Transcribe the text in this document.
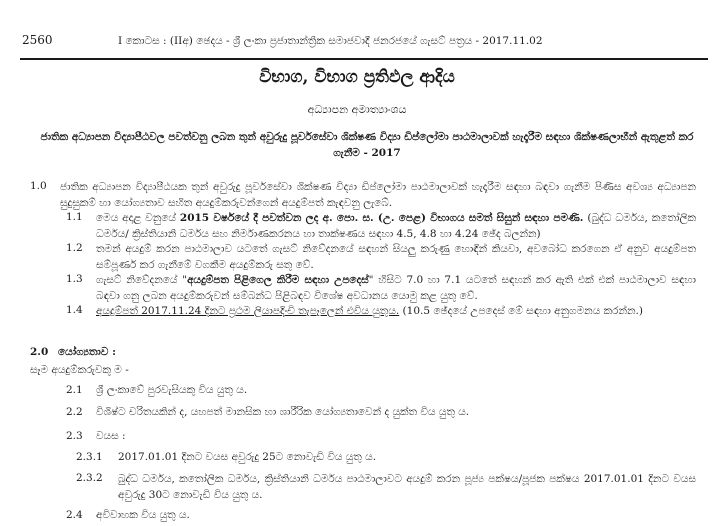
2560	I කොටස : (IIඅ) ඡෙදය - ශ්‍රී ලංකා ප්‍රජාතාන්ත්‍රික සමාජවාදී ජනරජයේ ගැසට් පත්‍රය - 2017.11.02
විභාග, විභාග ප්‍රතිඵල ආදිය
අධ්‍යාපන අමාත්‍යාංශය
ජාතික අධ්‍යාපන විද්‍යාපීඨවල පවත්වනු ලබන තුන් අවුරුදු පූර්වසේවා ශික්ෂණ විද්‍යා ඩිප්ලෝමා පාඨමාලාවක් හැදෑරීම සඳහා ශික්ෂණලාභීන් ඇතුළත් කර ගැනීම - 2017
1.0 ජාතික අධ්‍යාපන විද්‍යාපීඨයක තුන් අවුරුදු පූර්වසේවා ශික්ෂණ විද්‍යා ඩිප්ලෝමා පාඨමාලාවක් හැදෑරීම සඳහා බඳවා ගැනීම පිණිස අවශ්‍ය අධ්‍යාපන සුදුසුකම් හා යෝග්‍යතාව සහිත අයදුම්කරුවන්ගෙන් අයදුම්පත් කැඳවනු ලැබේ.
1.1 මෙය අදාළ වනුයේ 2015 වර්ෂයේ දී පවත්වන ලද අ. පො. ස. (උ. පෙළ) විභාගය සමත් සිසුන් සඳහා පමණි. (බුද්ධ ධර්මය, කතෝලික ධර්මය/ ක්‍රිස්තියානි ධර්මය සහ නිර්මාණකරනය හා තාක්ෂණය සඳහා 4.5, 4.8 හා 4.24 ඡේද බලන්න)
1.2 තමන් අයදුම් කරන පාඨමාලාව යටතේ ගැසට් නිවේදනයේ සඳහන් සියලු කරුණු හොඳින් කියවා, අවබෝධ කරගෙන ඒ අනුව අයදුම්පත සම්පූර්ණ කර ගැනීමේ වගකීම අයදුම්කරු සතු වේ.
1.3 ගැසට් නිවේදනයේ "අයදුම්පත පිළිගෙල කිරීම සඳහා උපදෙස්" හිසිට 7.0 හා 7.1 යටතේ සඳහන් කර ඇති එක් එක් පාඨමාලාව සඳහා බඳවා ගනු ලබන අයදුම්කරුවන් සම්බන්ධ පිළිබඳව විශේෂ අවධානය යොමු කළ යුතු වේ.
1.4 අයදුම්පත් 2017.11.24 දිනට ප්‍රථම ලියාපදිංචි තැපෑලෙන් එවිය යුතුය. (10.5 ඡේදයේ උපදෙස් මේ සඳහා අනුගමනය කරන්න.)
2.0 යෝග්‍යතාව :
සෑම අයදුම්කරුවකු ම -
2.1 ශ්‍රී ලංකාවේ පුරවැසියකු විය යුතු ය.
2.2 විශිෂ්ට චරිතයකින් ද, යහපත් මානසික හා ශාරීරික යෝග්‍යතාවෙන් ද යුක්ත විය යුතු ය.
2.3 වයස :
2.3.1 2017.01.01 දිනට වයස අවුරුදු 25ට නොවැඩි විය යුතු ය.
2.3.2 බුද්ධ ධර්මය, කතෝලික ධර්මය, ක්‍රිස්තියානි ධර්මය පාඨමාලාවට අයදුම් කරන පූජ්‍ය පක්ෂය/පූජක පක්ෂය 2017.01.01 දිනට වයස අවුරුදු 30ට නොවැඩි විය යුතු ය.
2.4 අවිවාහක විය යුතු ය.
